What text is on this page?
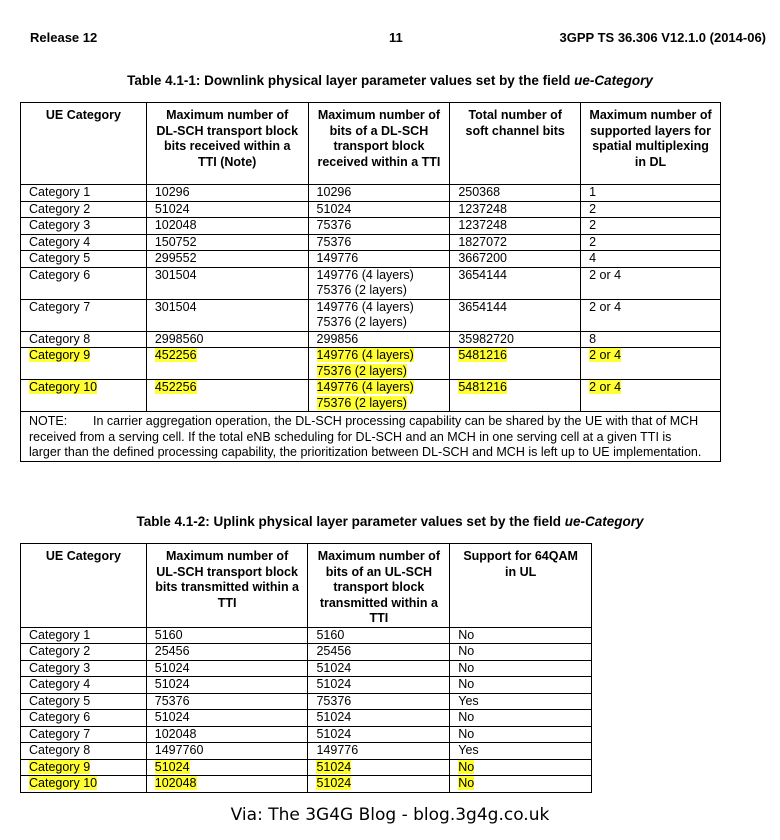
Release 12	11	3GPP TS 36.306 V12.1.0 (2014-06)
Table 4.1-1: Downlink physical layer parameter values set by the field ue-Category
UE Category	Maximum number of DL-SCH transport block bits received within a TTI (Note)	Maximum number of bits of a DL-SCH transport block received within a TTI	Total number of soft channel bits	Maximum number of supported layers for spatial multiplexing in DL
Category 1	10296	10296	250368	1
Category 2	51024	51024	1237248	2
Category 3	102048	75376	1237248	2
Category 4	150752	75376	1827072	2
Category 5	299552	149776	3667200	4
Category 6	301504	149776 (4 layers)
75376 (2 layers)	3654144	2 or 4
Category 7	301504	149776 (4 layers)
75376 (2 layers)	3654144	2 or 4
Category 8	2998560	299856	35982720	8
Category 9	452256	149776 (4 layers)
75376 (2 layers)	5481216	2 or 4
Category 10	452256	149776 (4 layers)
75376 (2 layers)	5481216	2 or 4
NOTE: In carrier aggregation operation, the DL-SCH processing capability can be shared by the UE with that of MCH received from a serving cell. If the total eNB scheduling for DL-SCH and an MCH in one serving cell at a given TTI is larger than the defined processing capability, the prioritization between DL-SCH and MCH is left up to UE implementation.				
Table 4.1-2: Uplink physical layer parameter values set by the field ue-Category
UE Category	Maximum number of UL-SCH transport block bits transmitted within a TTI	Maximum number of bits of an UL-SCH transport block transmitted within a TTI	Support for 64QAM in UL
Category 1	5160	5160	No
Category 2	25456	25456	No
Category 3	51024	51024	No
Category 4	51024	51024	No
Category 5	75376	75376	Yes
Category 6	51024	51024	No
Category 7	102048	51024	No
Category 8	1497760	149776	Yes
Category 9	51024	51024	No
Category 10	102048	51024	No
Via: The 3G4G Blog - blog.3g4g.co.uk
